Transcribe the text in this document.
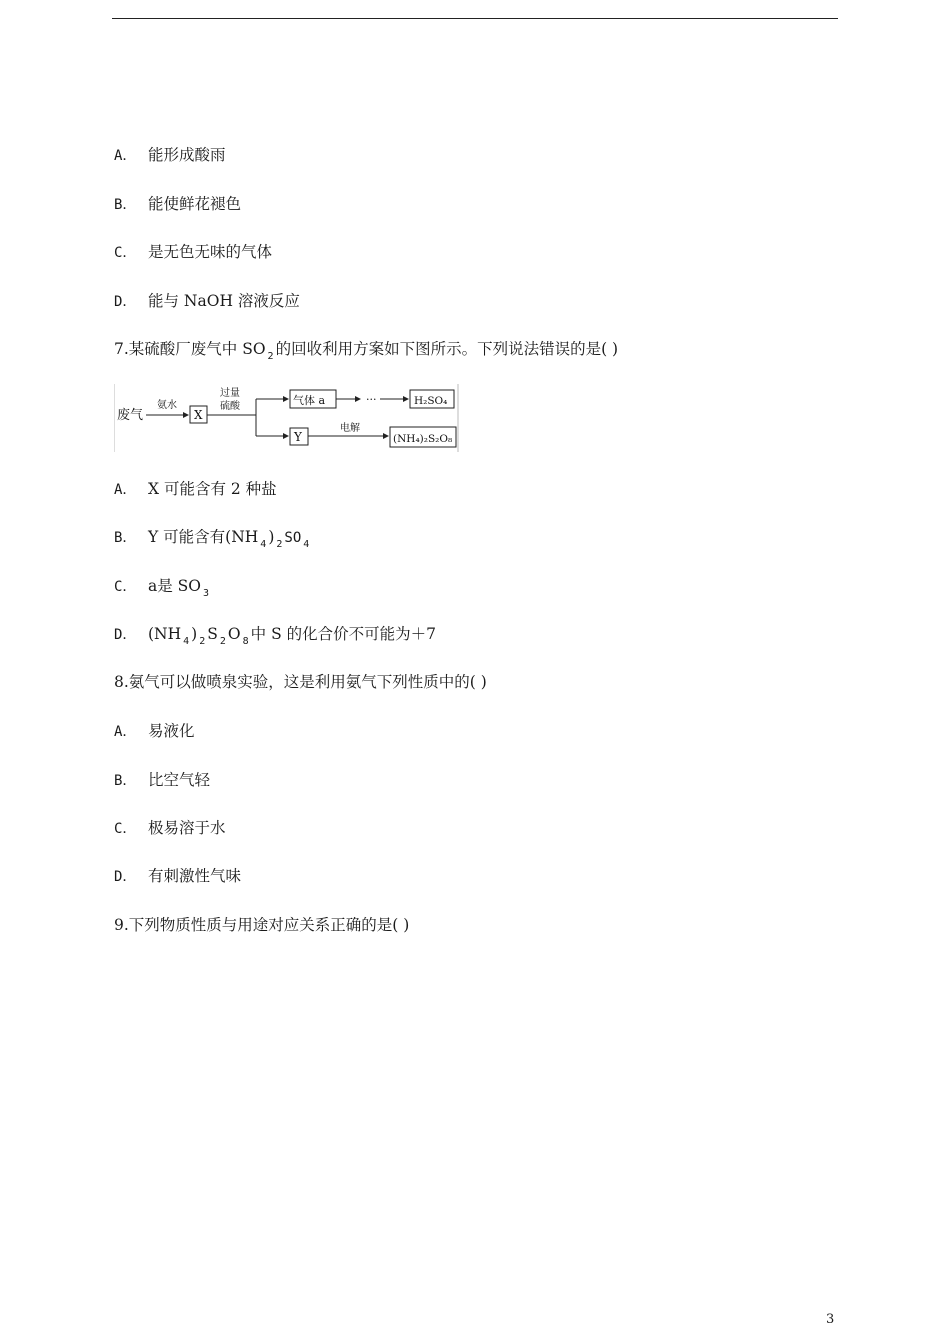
A． 能形成酸雨
B． 能使鲜花褪色
C． 是无色无味的气体
D． 能与 NaOH 溶液反应
7.某硫酸厂废气中 SO $_2$ 的回收利用方案如下图所示。下列说法错误的是( )
废气
氨水
X
过量
硫酸	气体 a	···	H₂SO₄
Y
电解
(NH₄)₂S₂O₈
A． X 可能含有 2 种盐
B． Y 可能含有(NH $_4$ ) $_2$ SO $_4$
C． a是 SO $_3$
D． (NH $_4$ ) $_2$ S $_2$ O $_8$ 中 S 的化合价不可能为＋7
8.氨气可以做喷泉实验，这是利用氨气下列性质中的( )
A． 易液化
B． 比空气轻
C． 极易溶于水
D． 有刺激性气味
9.下列物质性质与用途对应关系正确的是( )
3
